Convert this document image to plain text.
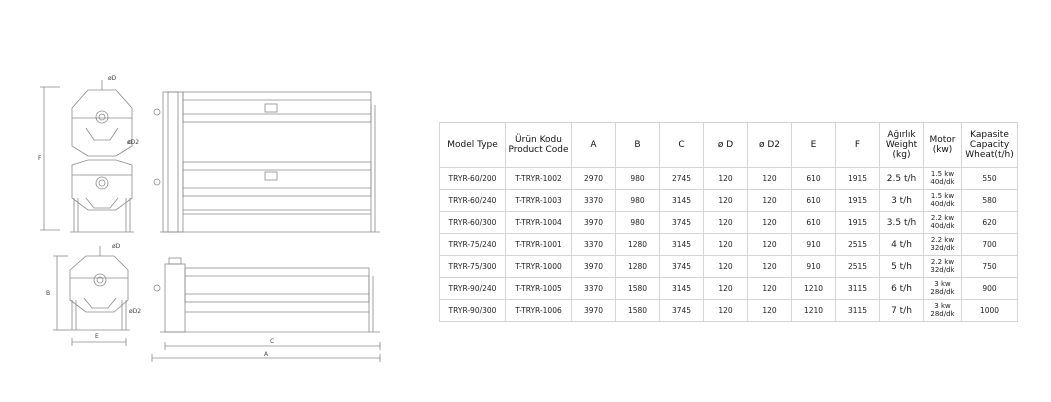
øD
øD2
F
øD
øD2
B
E
C
A
Model Type	Ürün Kodu Product Code	A	B	C	ø D	ø D2	E	F	Ağırlık Weight (kg)	Motor (kw)	Kapasite Capacity Wheat(t/h)
TRYR-60/200	T-TRYR-1002	2970	980	2745	120	120	610	1915	2.5 t/h	1.5 kw 40d/dk	550
TRYR-60/240	T-TRYR-1003	3370	980	3145	120	120	610	1915	3 t/h	1.5 kw 40d/dk	580
TRYR-60/300	T-TRYR-1004	3970	980	3745	120	120	610	1915	3.5 t/h	2.2 kw 40d/dk	620
TRYR-75/240	T-TRYR-1001	3370	1280	3145	120	120	910	2515	4 t/h	2.2 kw 32d/dk	700
TRYR-75/300	T-TRYR-1000	3970	1280	3745	120	120	910	2515	5 t/h	2.2 kw 32d/dk	750
TRYR-90/240	T-TRYR-1005	3370	1580	3145	120	120	1210	3115	6 t/h	3 kw 28d/dk	900
TRYR-90/300	T-TRYR-1006	3970	1580	3745	120	120	1210	3115	7 t/h	3 kw 28d/dk	1000
